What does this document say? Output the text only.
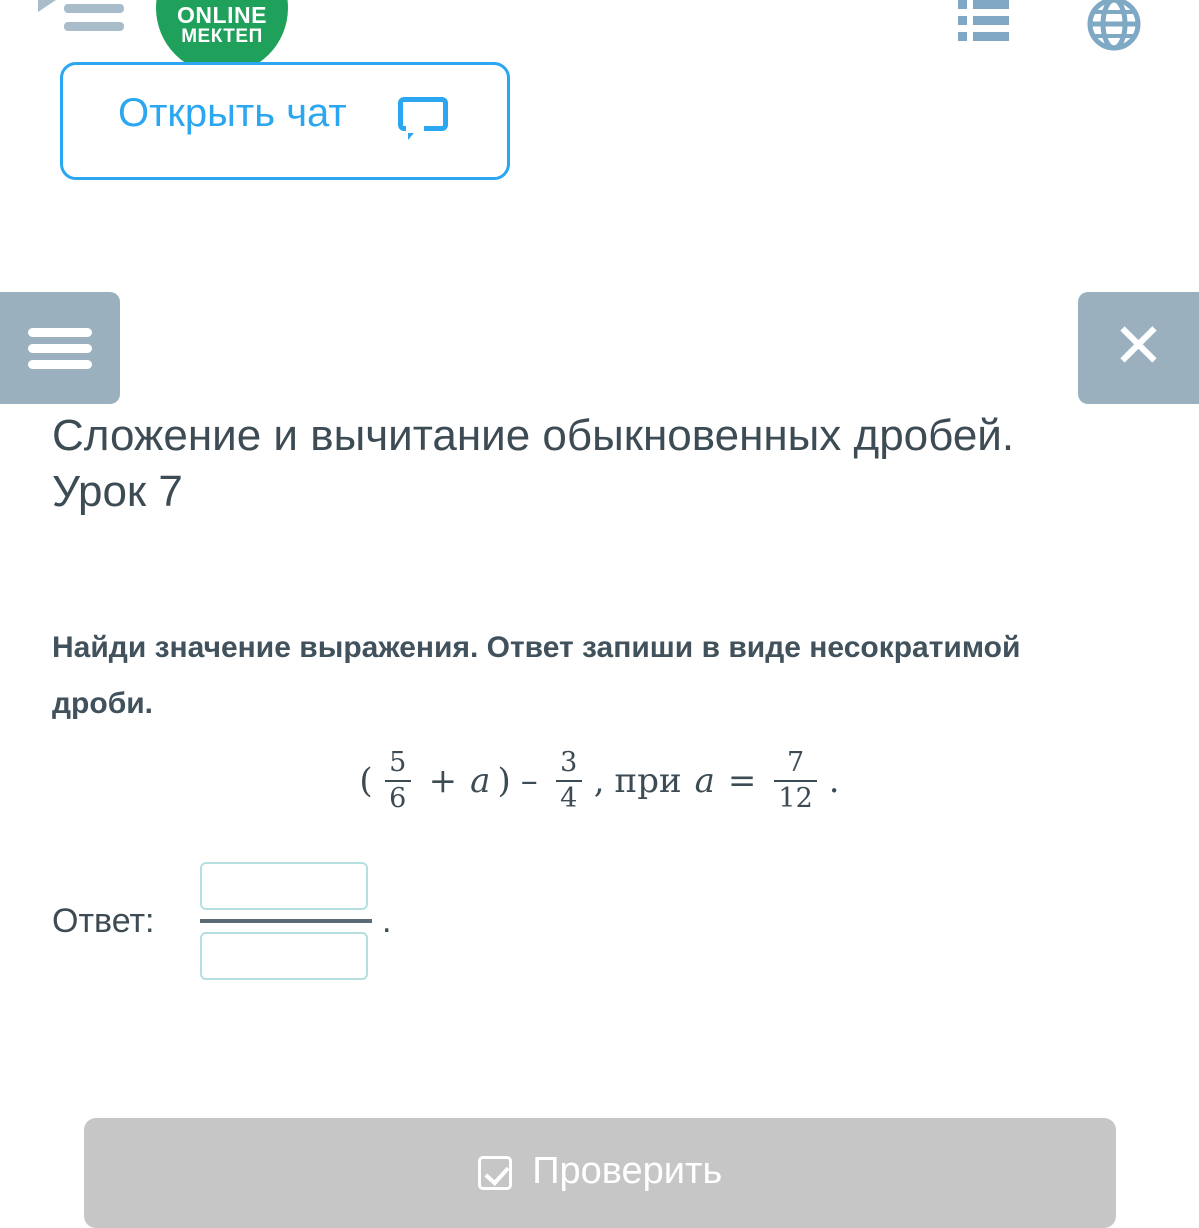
ONLINE
МЕКТЕП
Открыть чат
✕
Сложение и вычитание обыкновенных дробей. Урок 7
Найди значение выражения. Ответ запиши в виде несократимой дроби.
( $\frac{5}{6} + a$ ) – $\frac{3}{4}$ , при $a = \frac{7}{12}$ .
Ответ:	.
Проверить
